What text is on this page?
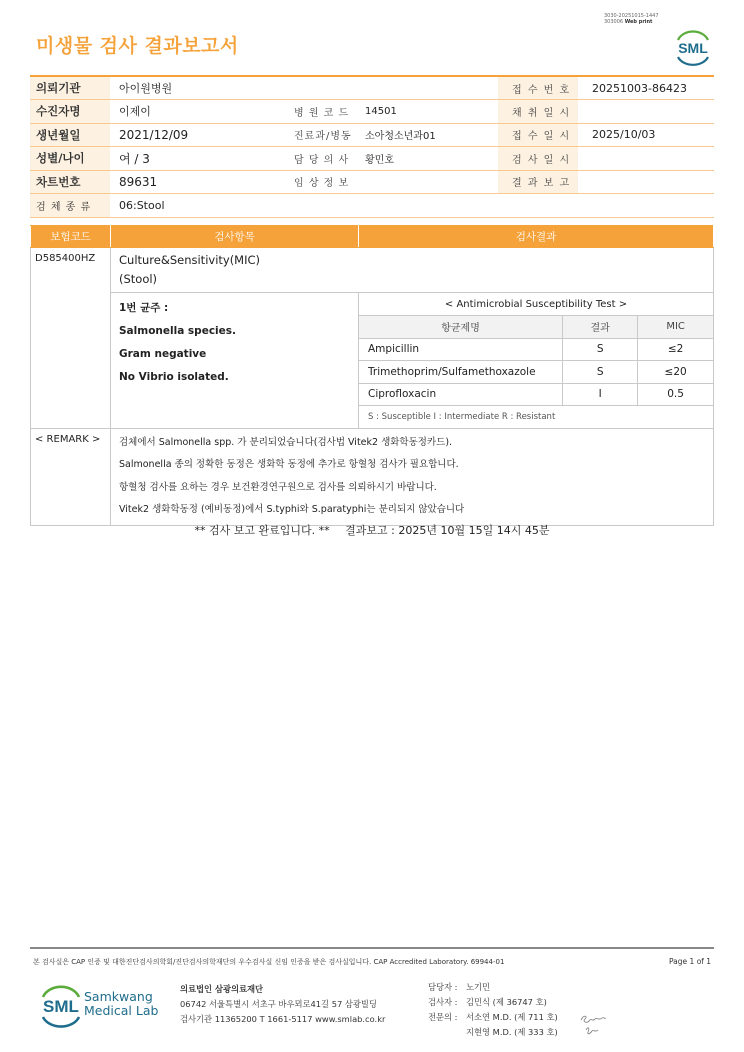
미생물 검사 결과보고서
3030-20251015-1447
303006 Web print
SML
의뢰기관	아이원병원			접 수 번 호	20251003-86423
수진자명	이제이	병 원 코 드	14501	채 취 일 시	
생년월일	2021/12/09	진료과/병동	소아청소년과01	접 수 일 시	2025/10/03
성별/나이	여 / 3	담 당 의 사	황민호	검 사 일 시	
차트번호	89631	임 상 정 보		결 과 보 고	
검 체 종 류	06:Stool				
보험코드	검사항목	검사결과
D585400HZ	Culture&Sensitivity(MIC)
(Stool)

1번 균주 :
Salmonella species.
Gram negative
No Vibrio isolated.

< Antimicrobial Susceptibility Test >
항균제명	결과	MIC
Ampicillin	S	≤2
Trimethoprim/Sulfamethoxazole	S	≤20
Ciprofloxacin	I	0.5
S : Susceptible I : Intermediate R : Resistant

< REMARK >	검체에서 Salmonella spp. 가 분리되었습니다(검사법 Vitek2 생화학동정카드).
Salmonella 종의 정확한 동정은 생화학 동정에 추가로 항혈청 검사가 필요합니다.
항혈청 검사를 요하는 경우 보건환경연구원으로 검사를 의뢰하시기 바랍니다.
Vitek2 생화학동정 (예비동정)에서 S.typhi와 S.paratyphi는 분리되지 않았습니다
** 검사 보고 완료입니다. ** 결과보고 : 2025년 10월 15일 14시 45분
본 검사실은 CAP 인증 및 대한진단검사의학회/진단검사의학재단의 우수검사실 신임 인증을 받은 검사실입니다. CAP Accredited Laboratory. 69944-01	Page 1 of 1
SML
Samkwang
Medical Lab
의료법인 삼광의료재단
06742 서울특별시 서초구 바우뫼로41길 57 삼광빌딩
검사기관 11365200 T 1661-5117 www.smlab.co.kr
담당자 :	노기민
검사자 :	김민식 (제 36747 호)
전문의 :	서소연 M.D. (제 711 호)
지현영 M.D. (제 333 호)
